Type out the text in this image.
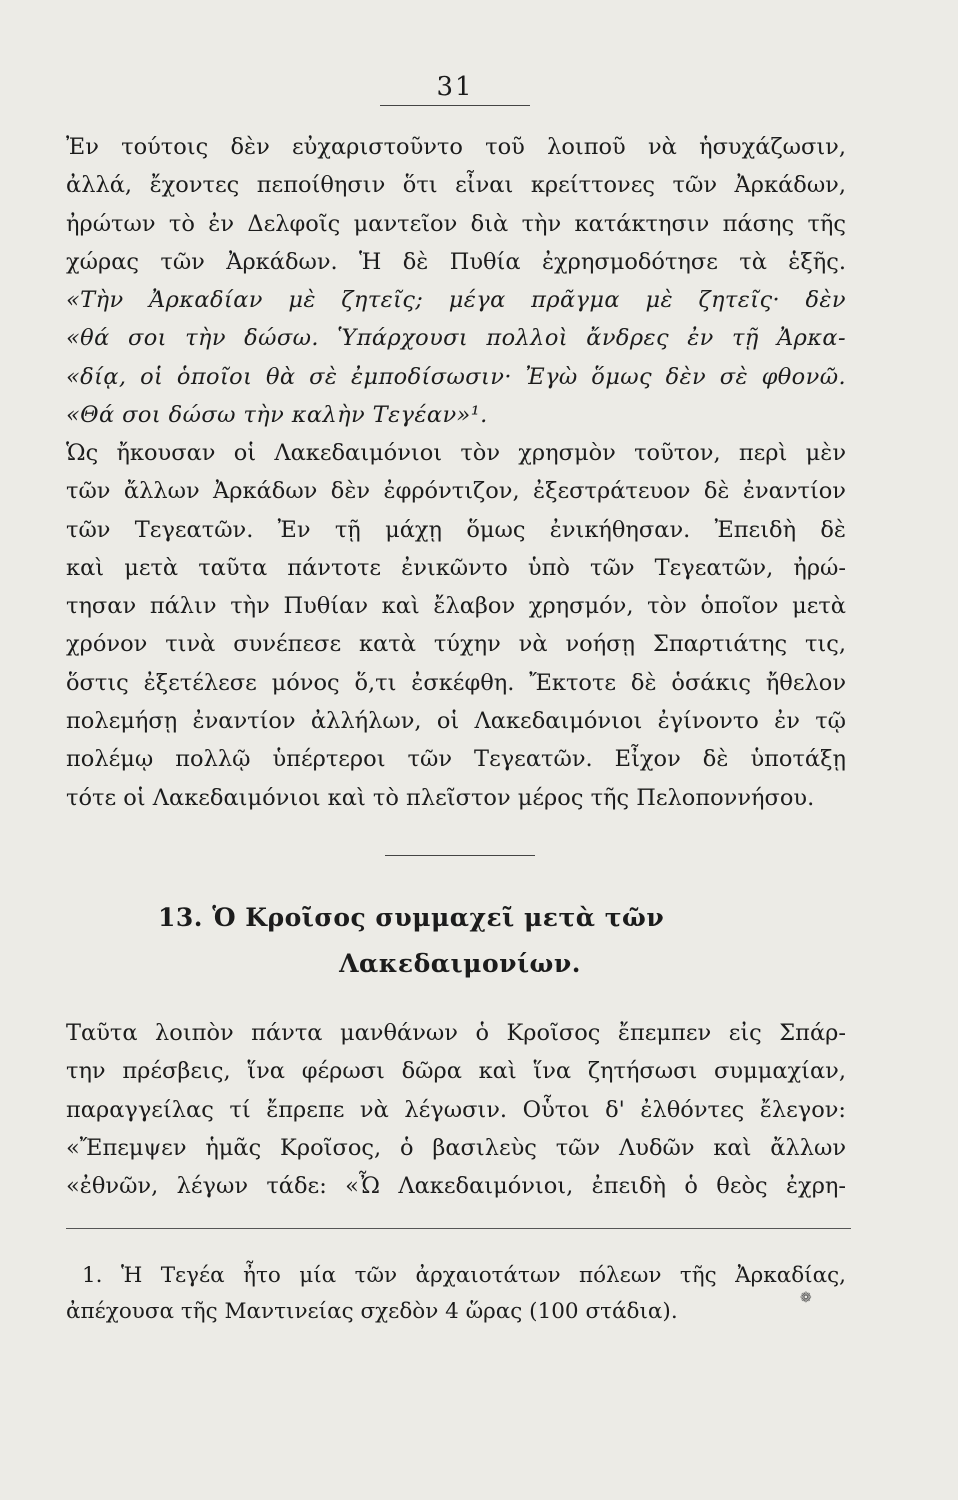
31
Ἐν τούτοις δὲν εὐχαριστοῦντο τοῦ λοιποῦ νὰ ἡσυχάζωσιν,
ἀλλά, ἔχοντες πεποίθησιν ὅτι εἶναι κρείττονες τῶν Ἀρκάδων,
ἠρώτων τὸ ἐν Δελφοῖς μαντεῖον διὰ τὴν κατάκτησιν πάσης τῆς
χώρας τῶν Ἀρκάδων. Ἡ δὲ Πυθία ἐχρησμοδότησε τὰ ἑξῆς.
«Τὴν Ἀρκαδίαν μὲ ζητεῖς; μέγα πρᾶγμα μὲ ζητεῖς· δὲν
«θά σοι τὴν δώσω. Ὑπάρχουσι πολλοὶ ἄνδρες ἐν τῇ Ἀρκα-
«δίᾳ, οἱ ὁποῖοι θὰ σὲ ἐμποδίσωσιν· Ἐγὼ ὅμως δὲν σὲ φθονῶ.
«Θά σοι δώσω τὴν καλὴν Τεγέαν»¹.
Ὡς ἤκουσαν οἱ Λακεδαιμόνιοι τὸν χρησμὸν τοῦτον, περὶ μὲν
τῶν ἄλλων Ἀρκάδων δὲν ἐφρόντιζον, ἐξεστράτευον δὲ ἐναντίον
τῶν Τεγεατῶν. Ἐν τῇ μάχῃ ὅμως ἐνικήθησαν. Ἐπειδὴ δὲ
καὶ μετὰ ταῦτα πάντοτε ἐνικῶντο ὑπὸ τῶν Τεγεατῶν, ἠρώ-
τησαν πάλιν τὴν Πυθίαν καὶ ἔλαβον χρησμόν, τὸν ὁποῖον μετὰ
χρόνον τινὰ συνέπεσε κατὰ τύχην νὰ νοήσῃ Σπαρτιάτης τις,
ὅστις ἐξετέλεσε μόνος ὅ,τι ἐσκέφθη. Ἔκτοτε δὲ ὁσάκις ἤθελον
πολεμήσῃ ἐναντίον ἀλλήλων, οἱ Λακεδαιμόνιοι ἐγίνοντο ἐν τῷ
πολέμῳ πολλῷ ὑπέρτεροι τῶν Τεγεατῶν. Εἶχον δὲ ὑποτάξῃ
τότε οἱ Λακεδαιμόνιοι καὶ τὸ πλεῖστον μέρος τῆς Πελοποννήσου.
13. Ὁ Κροῖσος συμμαχεῖ μετὰ τῶν
Λακεδαιμονίων.
Ταῦτα λοιπὸν πάντα μανθάνων ὁ Κροῖσος ἔπεμπεν εἰς Σπάρ-
την πρέσβεις, ἵνα φέρωσι δῶρα καὶ ἵνα ζητήσωσι συμμαχίαν,
παραγγείλας τί ἔπρεπε νὰ λέγωσιν. Οὗτοι δ' ἐλθόντες ἔλεγον:
«Ἔπεμψεν ἡμᾶς Κροῖσος, ὁ βασιλεὺς τῶν Λυδῶν καὶ ἄλλων
«ἐθνῶν, λέγων τάδε: «Ὦ Λακεδαιμόνιοι, ἐπειδὴ ὁ θεὸς ἐχρη-
1. Ἡ Τεγέα ἦτο μία τῶν ἀρχαιοτάτων πόλεων τῆς Ἀρκαδίας,
ἀπέχουσα τῆς Μαντινείας σχεδὸν 4 ὥρας (100 στάδια).
❁
